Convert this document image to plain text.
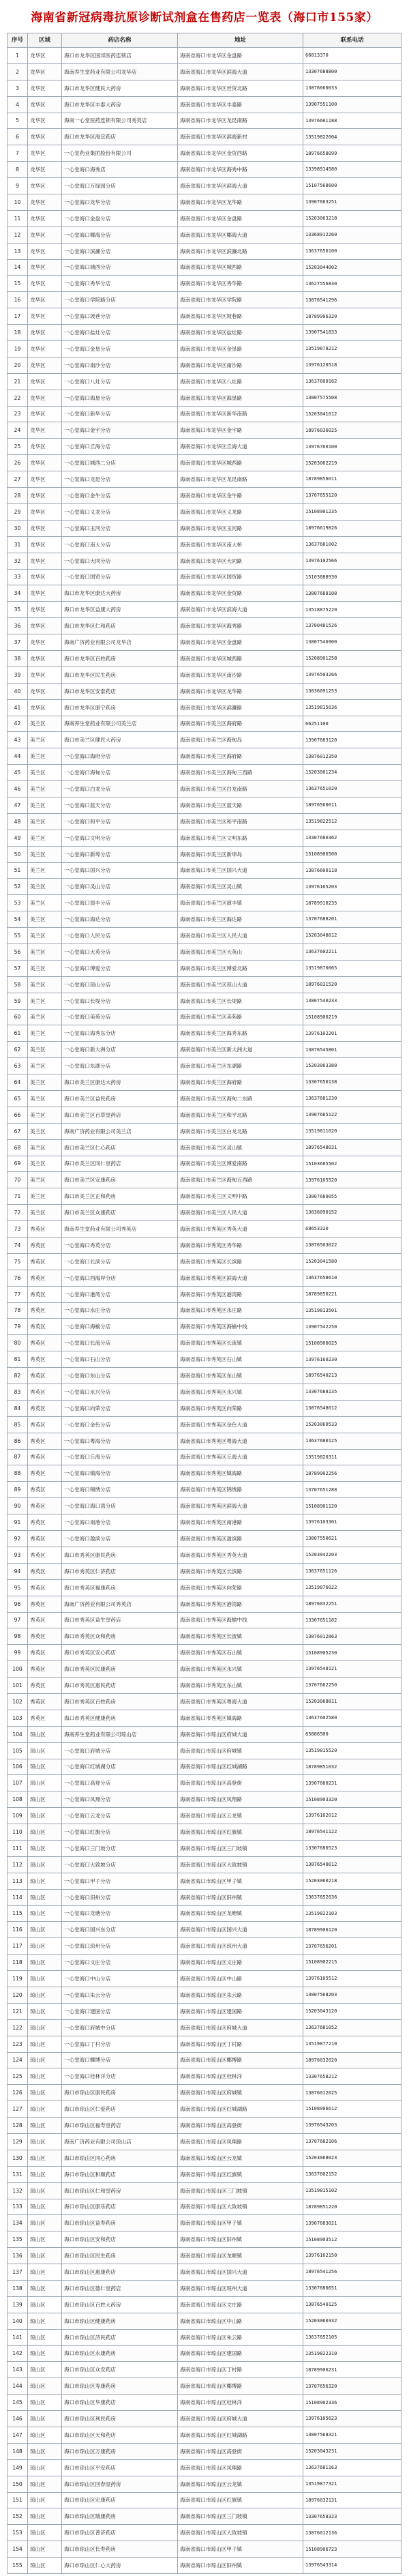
海南省新冠病毒抗原诊断试剂盒在售药店一览表（海口市155家）
序号	区域	药店名称	地址	联系电话
1	龙华区	海口市龙华区国邦医药连锁店	海南省海口市龙华区金盘路	66813370
2	龙华区	海南养生堂药业有限公司龙华店	海南省海口市龙华区滨海大道	13307688800
3	龙华区	海口市龙华区健民大药房	海南省海口市龙华区世贸北路	13876660033
4	龙华区	海口市龙华区丰泰大药房	海南省海口市龙华区丰泰路	13907551100
5	龙华区	海南一心堂医药连锁有限公司秀英店	海南省海口市龙华区龙昆南路	13976661188
6	龙华区	海口市龙华区海宜药店	海南省海口市龙华区滨海新村	13519822004
7	龙华区	一心堂药业集团股份有限公司	海南省海口市龙华区金贸西路	18976658099
8	龙华区	一心堂海口海秀店	海南省海口市龙华区海秀中路	13398914580
9	龙华区	一心堂海口万绿园分店	海南省海口市龙华区滨海大道	15107568600
10	龙华区	一心堂海口龙华分店	海南省海口市龙华区龙华路	13907663251
11	龙华区	一心堂海口金盘分店	海南省海口市龙华区金盘路	15203063218
12	龙华区	一心堂海口椰海分店	海南省海口市龙华区椰海大道	13368912260
13	龙华区	一心堂海口滨濂分店	海南省海口市龙华区滨濂北路	13637656100
14	龙华区	一心堂海口城西分店	海南省海口市龙华区城西路	15203044002
15	龙华区	一心堂海口秀华分店	海南省海口市龙华区秀华路	13627556830
16	龙华区	一心堂海口学院路分店	海南省海口市龙华区学院路	13876541296
17	龙华区	一心堂海口坡巷分店	海南省海口市龙华区坡巷路	18789906320
18	龙华区	一心堂海口盐灶分店	海南省海口市龙华区盐灶路	13907541833
19	龙华区	一心堂海口金垦分店	海南省海口市龙华区金垦路	13519878212
20	龙华区	一心堂海口南沙分店	海南省海口市龙华区南沙路	13976120518
21	龙华区	一心堂海口八灶分店	海南省海口市龙华区八灶路	13637600162
22	龙华区	一心堂海口海垦分店	海南省海口市龙华区海垦路	13807575508
23	龙华区	一心堂海口新华分店	海南省海口市龙华区新华南路	15203041012
24	龙华区	一心堂海口金宇分店	海南省海口市龙华区金宇路	18976036025
25	龙华区	一心堂海口丘海分店	海南省海口市龙华区丘海大道	13976760100
26	龙华区	一心堂海口城西二分店	海南省海口市龙华区城西路	15203062219
27	龙华区	一心堂海口龙昆分店	海南省海口市龙华区龙昆南路	18789856011
28	龙华区	一心堂海口金牛分店	海南省海口市龙华区金牛路	13707655120
29	龙华区	一心堂海口义龙分店	海南省海口市龙华区义龙路	15108901235
30	龙华区	一心堂海口玉河分店	海南省海口市龙华区玉河路	18976619826
31	龙华区	一心堂海口南大分店	海南省海口市龙华区南大桥	13637681002
32	龙华区	一心堂海口大同分店	海南省海口市龙华区大同路	13976102566
33	龙华区	一心堂海口国贸分店	海南省海口市龙华区国贸路	15103688930
34	龙华区	海口市龙华区康达大药房	海南省海口市龙华区金贸路	13807688108
35	龙华区	海口市龙华区益康大药房	海南省海口市龙华区滨海大道	13518875220
36	龙华区	海口市龙华区仁和药店	海南省海口市龙华区海秀路	13700481526
37	龙华区	海南广济药业有限公司龙华店	海南省海口市龙华区金盘路	13807546900
38	龙华区	海口市龙华区百姓药房	海南省海口市龙华区城西路	15208901258
39	龙华区	海口市龙华区民生药房	海南省海口市龙华区南沙路	13976503266
40	龙华区	海口市龙华区安泰药店	海南省海口市龙华区龙华路	13036091253
41	龙华区	海口市龙华区康宁药房	海南省海口市龙华区滨濂路	13519815036
42	美兰区	海南养生堂药业有限公司美兰店	海南省海口市美兰区海府路	66251100
43	美兰区	海口市美兰区健民大药房	海南省海口市美兰区海甸岛	13907683120
44	美兰区	一心堂海口海府分店	海南省海口市美兰区海府路	13876012350
45	美兰区	一心堂海口海甸分店	海南省海口市美兰区海甸三西路	15203061234
46	美兰区	一心堂海口白龙分店	海南省海口市美兰区白龙南路	13637651020
47	美兰区	一心堂海口蓝天分店	海南省海口市美兰区蓝天路	18976560011
48	美兰区	一心堂海口和平分店	海南省海口市美兰区和平南路	13519822512
49	美兰区	一心堂海口文明分店	海南省海口市美兰区文明东路	13307680362
50	美兰区	一心堂海口新埠分店	海南省海口市美兰区新埠岛	15108906500
51	美兰区	一心堂海口国兴分店	海南省海口市美兰区国兴大道	13876600118
52	美兰区	一心堂海口灵山分店	海南省海口市美兰区灵山镇	13976165203
53	美兰区	一心堂海口演丰分店	海南省海口市美兰区演丰镇	18789910235
54	美兰区	一心堂海口海达分店	海南省海口市美兰区海达路	13707688201
55	美兰区	一心堂海口人民分店	海南省海口市美兰区人民大道	15203048812
56	美兰区	一心堂海口大英分店	海南省海口市美兰区大英山	13637602211
57	美兰区	一心堂海口博爱分店	海南省海口市美兰区博爱北路	13519870065
58	美兰区	一心堂海口琼山分店	海南省海口市美兰区琼山大道	18976031520
59	美兰区	一心堂海口长堤分店	海南省海口市美兰区长堤路	13807540233
60	美兰区	一心堂海口美苑分店	海南省海口市美兰区美苑路	15108900219
61	美兰区	一心堂海口海秀东分店	海南省海口市美兰区海秀东路	13976102201
62	美兰区	一心堂海口新大洲分店	海南省海口市美兰区新大洲大道	13876545801
63	美兰区	一心堂海口东湖分店	海南省海口市美兰区东湖路	15203063380
64	美兰区	海口市美兰区康达大药房	海南省海口市美兰区海府路	13307650138
65	美兰区	海口市美兰区益民药房	海南省海口市美兰区海甸二东路	13637681230
66	美兰区	海口市美兰区百草堂药店	海南省海口市美兰区和平北路	13907685122
67	美兰区	海南广济药业有限公司美兰店	海南省海口市美兰区白龙北路	13519811020
68	美兰区	海口市美兰区仁心药店	海南省海口市美兰区灵山镇	18976548031
69	美兰区	海口市美兰区同仁堂药店	海南省海口市美兰区博爱南路	15103685502
70	美兰区	海口市美兰区安康药房	海南省海口市美兰区海甸五西路	13976165520
71	美兰区	海口市美兰区正和药房	海南省海口市美兰区文明中路	13807680055
72	美兰区	海口市美兰区众康药店	海南省海口市美兰区人民大道	13036090152
73	秀英区	海南养生堂药业有限公司秀英店	海南省海口市秀英区秀英大道	68653320
74	秀英区	一心堂海口秀英分店	海南省海口市秀英区秀华路	13876503022
75	秀英区	一心堂海口长滨分店	海南省海口市秀英区长滨路	15203041580
76	秀英区	一心堂海口西海岸分店	海南省海口市秀英区滨海大道	13637658610
77	秀英区	一心堂海口港湾分店	海南省海口市秀英区港湾路	18789850221
78	秀英区	一心堂海口永庄分店	海南省海口市秀英区永庄路	13519813501
79	秀英区	一心堂海口海榆分店	海南省海口市秀英区海榆中线	13907542250
80	秀英区	一心堂海口长流分店	海南省海口市秀英区长流镇	15108906025
81	秀英区	一心堂海口石山分店	海南省海口市秀英区石山镇	13976160230
82	秀英区	一心堂海口东山分店	海南省海口市秀英区东山镇	18976540213
83	秀英区	一心堂海口永兴分店	海南省海口市秀英区永兴镇	13307688135
84	秀英区	一心堂海口向荣分店	海南省海口市秀英区向荣路	13876548012
85	秀英区	一心堂海口金色分店	海南省海口市秀英区金色大道	15203060533
86	秀英区	一心堂海口粤海分店	海南省海口市秀英区粤海大道	13637680125
87	秀英区	一心堂海口丘海分店	海南省海口市秀英区丘海大道	13519820311
88	秀英区	一心堂海口镇海分店	海南省海口市秀英区镇海路	18789902256
89	秀英区	一心堂海口锦绣分店	海南省海口市秀英区锦绣路	13707651288
90	秀英区	一心堂海口海口湾分店	海南省海口市秀英区滨海大道	15108901120
91	秀英区	一心堂海口南港分店	海南省海口市秀英区南港路	13976103301
92	秀英区	一心堂海口盈滨分店	海南省海口市秀英区盈滨路	13807550621
93	秀英区	海口市秀英区康民药房	海南省海口市秀英区秀英大道	15203042203
94	秀英区	海口市秀英区仁济药店	海南省海口市秀英区长滨路	13637651126
95	秀英区	海口市秀英区福康药房	海南省海口市秀英区向荣路	13519876022
96	秀英区	海南广济药业有限公司秀英店	海南省海口市秀英区港湾路	18976032251
97	秀英区	海口市秀英区益生堂药店	海南省海口市秀英区海榆中线	13307651182
98	秀英区	海口市秀英区众和药房	海南省海口市秀英区长流镇	13876012863
99	秀英区	海口市秀英区安心药店	海南省海口市秀英区石山镇	15108905230
100	秀英区	海口市秀英区民康药房	海南省海口市秀英区永兴镇	13976548121
101	秀英区	海口市秀英区惠民药店	海南省海口市秀英区东山镇	13707682250
102	秀英区	海口市秀英区百姓药房	海南省海口市秀英区粤海大道	15203068811
103	秀英区	海口市秀英区健康药房	海南省海口市秀英区镇海路	13637602580
104	琼山区	海南养生堂药业有限公司琼山店	海南省海口市琼山区府城大道	65886500
105	琼山区	一心堂海口府城分店	海南省海口市琼山区府城镇	13519815520
106	琼山区	一心堂海口红城湖分店	海南省海口市琼山区红城湖路	18789851032
107	琼山区	一心堂海口高登分店	海南省海口市琼山区高登街	13907680231
108	琼山区	一心堂海口凤翔分店	海南省海口市琼山区凤翔路	15108903320
109	琼山区	一心堂海口云龙分店	海南省海口市琼山区云龙镇	13976162012
110	琼山区	一心堂海口红旗分店	海南省海口市琼山区红旗镇	18976541122
111	琼山区	一心堂海口三门坡分店	海南省海口市琼山区三门坡镇	13307680523
112	琼山区	一心堂海口大致坡分店	海南省海口市琼山区大致坡镇	13876540012
113	琼山区	一心堂海口甲子分店	海南省海口市琼山区甲子镇	15203060218
114	琼山区	一心堂海口旧州分店	海南省海口市琼山区旧州镇	13637652036
115	琼山区	一心堂海口龙塘分店	海南省海口市琼山区龙塘镇	13519822103
116	琼山区	一心堂海口国兴东分店	海南省海口市琼山区国兴大道	18789906120
117	琼山区	一心堂海口琼州分店	海南省海口市琼山区琼州大道	13707656201
118	琼山区	一心堂海口文庄分店	海南省海口市琼山区文庄路	15108902215
119	琼山区	一心堂海口中山分店	海南省海口市琼山区中山路	13976105512
120	琼山区	一心堂海口朱云分店	海南省海口市琼山区朱云路	13807568203
121	琼山区	一心堂海口建国分店	海南省海口市琼山区建国路	15203043120
122	琼山区	一心堂海口府城中分店	海南省海口市琼山区府城大道	13637681052
123	琼山区	一心堂海口丁村分店	海南省海口市琼山区丁村路	13519877210
124	琼山区	一心堂海口椰博分店	海南省海口市琼山区椰博路	18976032020
125	琼山区	一心堂海口桂林洋分店	海南省海口市琼山区桂林洋	13307658212
126	琼山区	海口市琼山区康民药房	海南省海口市琼山区府城镇	13876012025
127	琼山区	海口市琼山区仁爱药店	海南省海口市琼山区红城湖路	15108906612
128	琼山区	海口市琼山区福寿堂药店	海南省海口市琼山区高登街	13976543203
129	琼山区	海南广济药业有限公司琼山店	海南省海口市琼山区凤翔路	13707682106
130	琼山区	海口市琼山区同心药房	海南省海口市琼山区云龙镇	15203068023
131	琼山区	海口市琼山区和顺药店	海南省海口市琼山区红旗镇	13637602152
132	琼山区	海口市琼山区仁和堂药房	海南省海口市琼山区三门坡镇	13519815102
133	琼山区	海口市琼山区康乐药店	海南省海口市琼山区大致坡镇	18789851220
134	琼山区	海口市琼山区益寿药房	海南省海口市琼山区甲子镇	13907683021
135	琼山区	海口市琼山区安和药店	海南省海口市琼山区旧州镇	15108903512
136	琼山区	海口市琼山区民生药房	海南省海口市琼山区龙塘镇	13976162150
137	琼山区	海口市琼山区惠康药店	海南省海口市琼山区国兴大道	18976541256
138	琼山区	海口市琼山区德仁堂药店	海南省海口市琼山区琼州大道	13307680651
139	琼山区	海口市琼山区百姓大药房	海南省海口市琼山区文庄路	13876540125
140	琼山区	海口市琼山区健康药房	海南省海口市琼山区中山路	15203060332
141	琼山区	海口市琼山区济民药店	海南省海口市琼山区朱云路	13637652105
142	琼山区	海口市琼山区永康药房	海南省海口市琼山区建国路	13519822310
143	琼山区	海口市琼山区众安药店	海南省海口市琼山区丁村路	18789906231
144	琼山区	海口市琼山区寿康药房	海南省海口市琼山区椰博路	13707656320
145	琼山区	海口市琼山区华康药店	海南省海口市琼山区桂林洋	15108902336
146	琼山区	海口市琼山区利民药房	海南省海口市琼山区府城大道	13976105623
147	琼山区	海口市琼山区天和药店	海南省海口市琼山区红城湖路	13807568321
148	琼山区	海口市琼山区万康药房	海南省海口市琼山区高登街	15203043231
149	琼山区	海口市琼山区平安药店	海南省海口市琼山区凤翔路	13637681163
150	琼山区	海口市琼山区回春堂药房	海南省海口市琼山区云龙镇	13519877321
151	琼山区	海口市琼山区宏康药店	海南省海口市琼山区红旗镇	18976032131
152	琼山区	海口市琼山区瑞康药房	海南省海口市琼山区三门坡镇	13307658323
153	琼山区	海口市琼山区普济药店	海南省海口市琼山区大致坡镇	13876012136
154	琼山区	海口市琼山区长寿药房	海南省海口市琼山区甲子镇	15108906723
155	琼山区	海口市琼山区仁心大药房	海南省海口市琼山区旧州镇	13976543314
